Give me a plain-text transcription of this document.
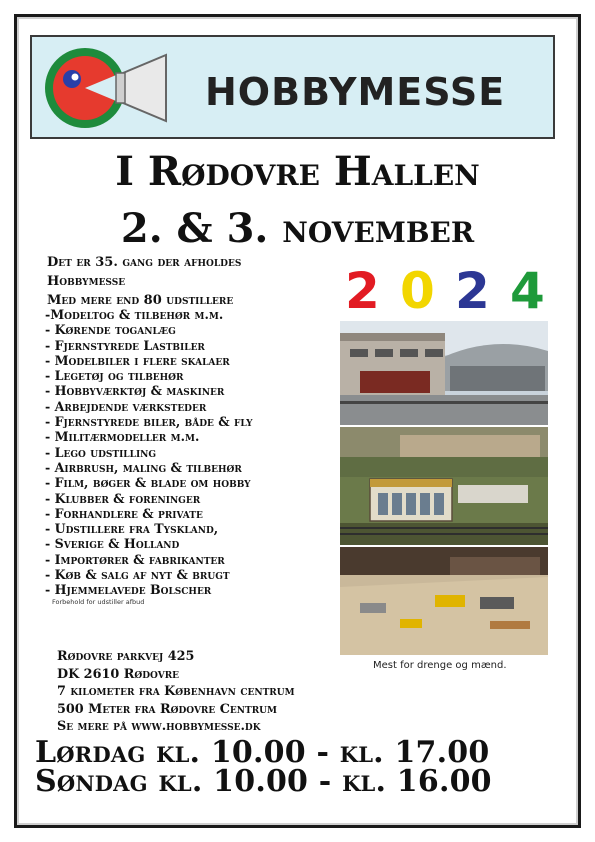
HOBBYMESSE
I Rødovre Hallen
2. & 3. november
2 0 2 4
Det er 35. gang der afholdes
Hobbymesse
Med mere end 80 udstillere
-Modeltog & tilbehør m.m.
- Kørende toganlæg
- Fjernstyrede Lastbiler
- Modelbiler i flere skalaer
- Legetøj og tilbehør
- Hobbyværktøj & maskiner
- Arbejdende værksteder
- Fjernstyrede biler, både & fly
- Militærmodeller m.m.
- Lego udstilling
- Airbrush, maling & tilbehør
- Film, bøger & blade om hobby
- Klubber & foreninger
- Forhandlere & private
- Udstillere fra Tyskland,
- Sverige & Holland
- Importører & fabrikanter
- Køb & salg af nyt & brugt
- Hjemmelavede Bolscher
Forbehold for udstiller afbud
Mest for drenge og mænd.
Rødovre parkvej 425
DK 2610 Rødovre
7 kilometer fra København centrum
500 Meter fra Rødovre Centrum
Se mere på www.hobbymesse.dk
Lørdag kl. 10.00 - kl. 17.00
Søndag kl. 10.00 - kl. 16.00
